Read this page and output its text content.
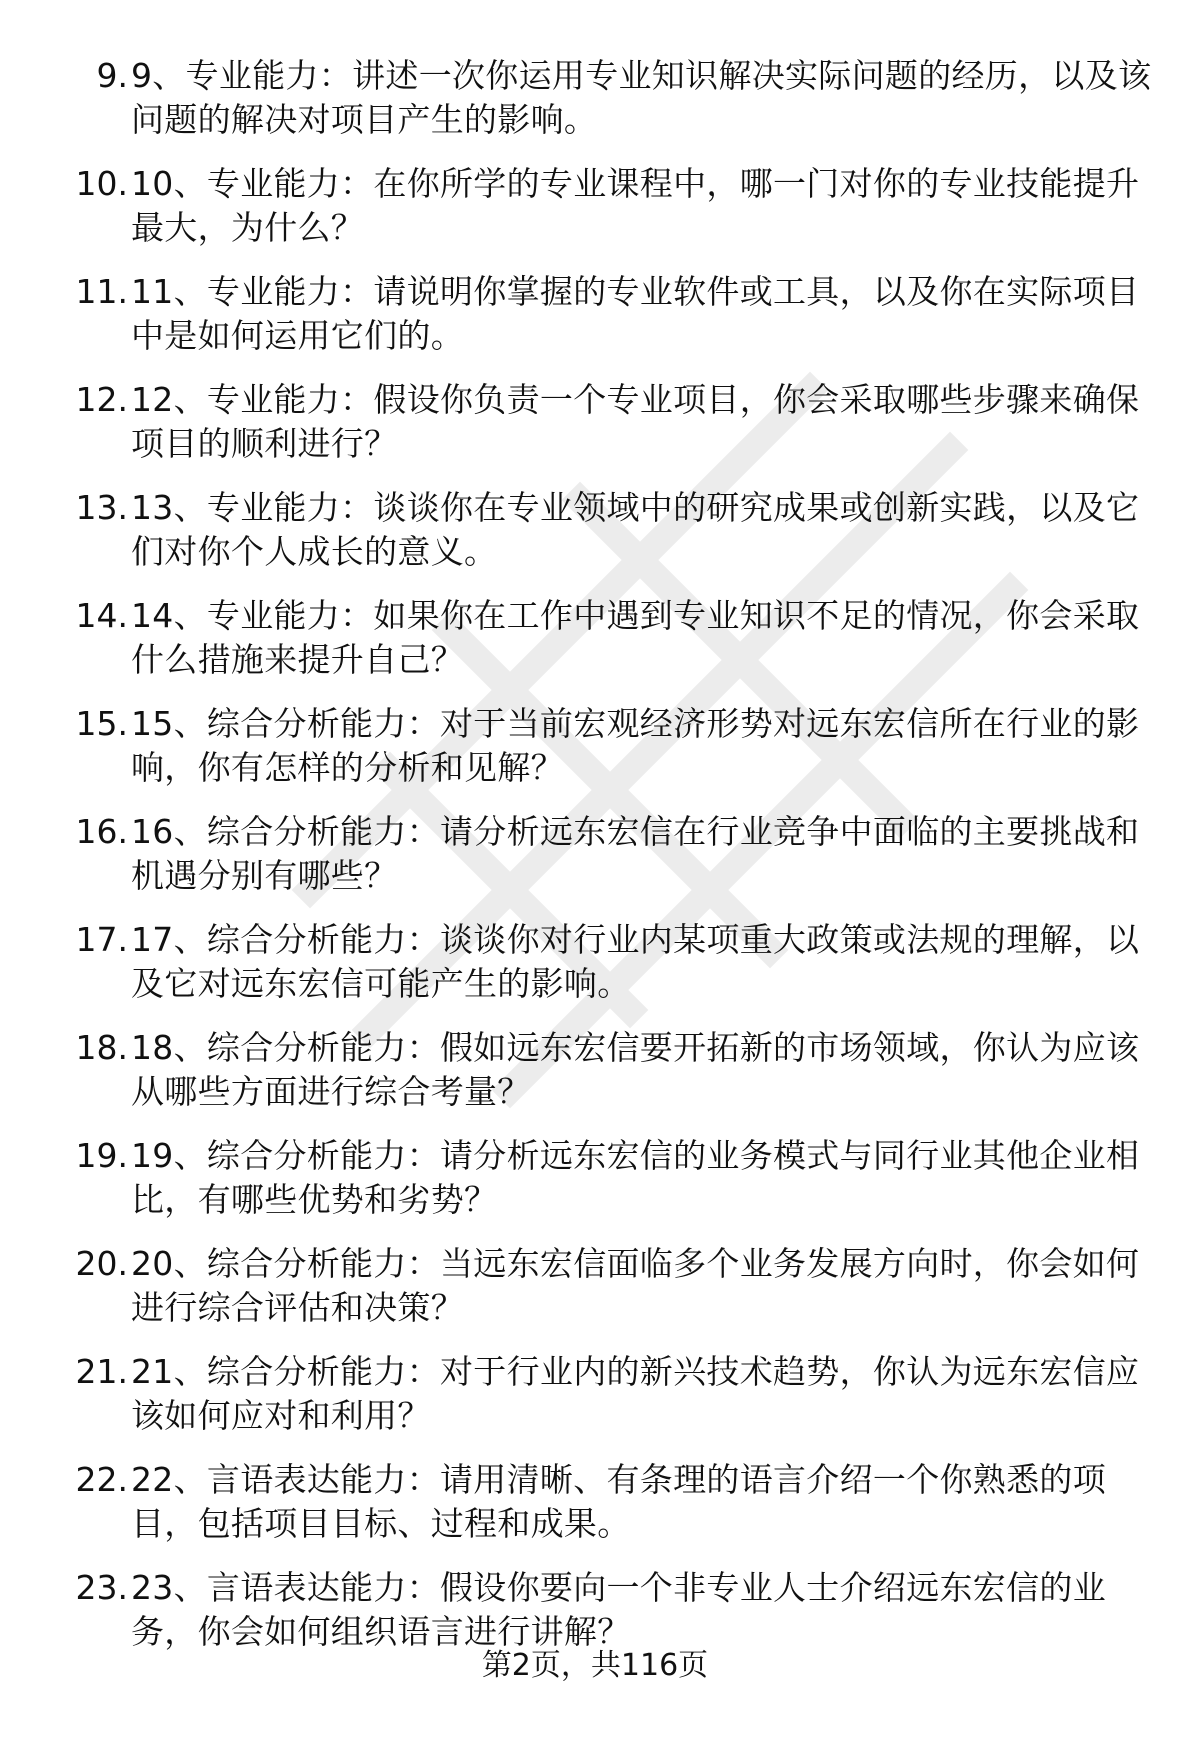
9. 9、专业能力：讲述一次你运用专业知识解决实际问题的经历，以及该问题的解决对项目产生的影响。
10. 10、专业能力：在你所学的专业课程中，哪一门对你的专业技能提升最大，为什么？
11. 11、专业能力：请说明你掌握的专业软件或工具，以及你在实际项目中是如何运用它们的。
12. 12、专业能力：假设你负责一个专业项目，你会采取哪些步骤来确保项目的顺利进行？
13. 13、专业能力：谈谈你在专业领域中的研究成果或创新实践，以及它们对你个人成长的意义。
14. 14、专业能力：如果你在工作中遇到专业知识不足的情况，你会采取什么措施来提升自己？
15. 15、综合分析能力：对于当前宏观经济形势对远东宏信所在行业的影响，你有怎样的分析和见解？
16. 16、综合分析能力：请分析远东宏信在行业竞争中面临的主要挑战和机遇分别有哪些？
17. 17、综合分析能力：谈谈你对行业内某项重大政策或法规的理解，以及它对远东宏信可能产生的影响。
18. 18、综合分析能力：假如远东宏信要开拓新的市场领域，你认为应该从哪些方面进行综合考量？
19. 19、综合分析能力：请分析远东宏信的业务模式与同行业其他企业相比，有哪些优势和劣势？
20. 20、综合分析能力：当远东宏信面临多个业务发展方向时，你会如何进行综合评估和决策？
21. 21、综合分析能力：对于行业内的新兴技术趋势，你认为远东宏信应该如何应对和利用？
22. 22、言语表达能力：请用清晰、有条理的语言介绍一个你熟悉的项目，包括项目目标、过程和成果。
23. 23、言语表达能力：假设你要向一个非专业人士介绍远东宏信的业务，你会如何组织语言进行讲解？
第2页，共116页
